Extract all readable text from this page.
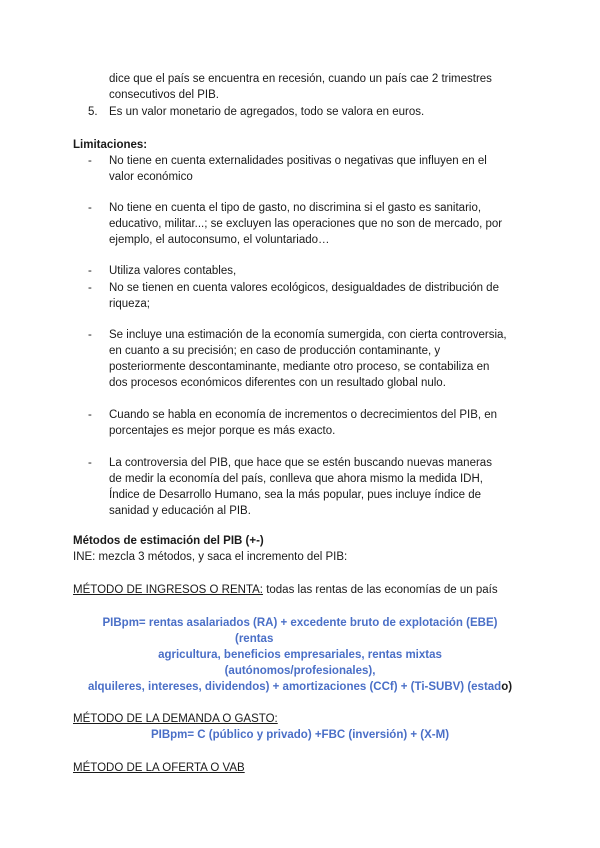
dice que el país se encuentra en recesión, cuando un país cae 2 trimestres
consecutivos del PIB.
5. Es un valor monetario de agregados, todo se valora en euros.
Limitaciones:
-	No tiene en cuenta externalidades positivas o negativas que influyen en el
valor económico
-	No tiene en cuenta el tipo de gasto, no discrimina si el gasto es sanitario,
educativo, militar...; se excluyen las operaciones que no son de mercado, por
ejemplo, el autoconsumo, el voluntariado…
-	Utiliza valores contables,
-	No se tienen en cuenta valores ecológicos, desigualdades de distribución de
riqueza;
-	Se incluye una estimación de la economía sumergida, con cierta controversia,
en cuanto a su precisión; en caso de producción contaminante, y
posteriormente descontaminante, mediante otro proceso, se contabiliza en
dos procesos económicos diferentes con un resultado global nulo.
-	Cuando se habla en economía de incrementos o decrecimientos del PIB, en
porcentajes es mejor porque es más exacto.
-	La controversia del PIB, que hace que se estén buscando nuevas maneras
de medir la economía del país, conlleva que ahora mismo la medida IDH,
Índice de Desarrollo Humano, sea la más popular, pues incluye índice de
sanidad y educación al PIB.
Métodos de estimación del PIB (+-)
INE: mezcla 3 métodos, y saca el incremento del PIB:
MÉTODO DE INGRESOS O RENTA: todas las rentas de las economías de un país
PIBpm= rentas asalariados (RA) + excedente bruto de explotación (EBE)
(rentas
agricultura, beneficios empresariales, rentas mixtas
(autónomos/profesionales),
alquileres, intereses, dividendos) + amortizaciones (CCf) + (Ti-SUBV) (estado)
MÉTODO DE LA DEMANDA O GASTO:
PIBpm= C (público y privado) +FBC (inversión) + (X-M)
MÉTODO DE LA OFERTA O VAB
